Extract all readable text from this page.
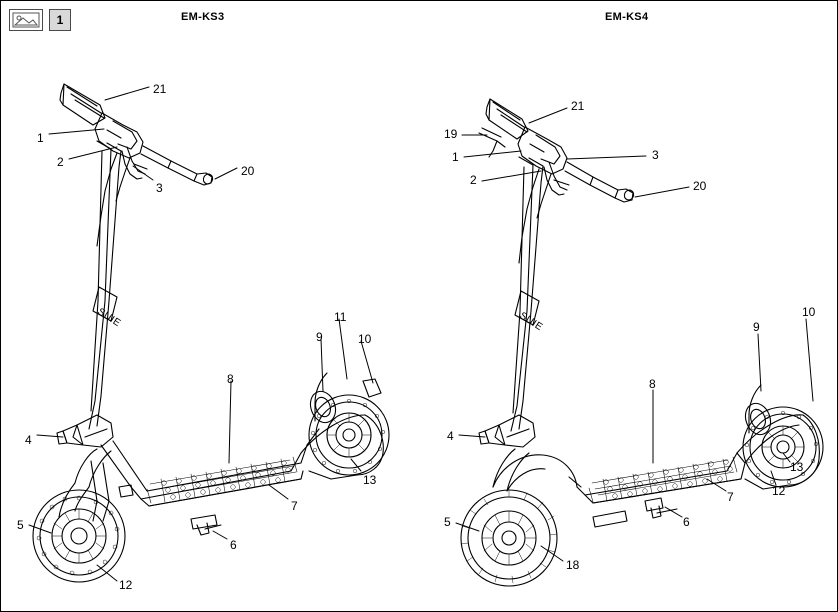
1	EM-KS3	EM-KS4
SUIE	SUIE
21
1
2
3
20
11
9	10
8
4
13
7
5
6
12
21
19
1	3
2	20
10
9
8
4
13
12
7
5	6
18
